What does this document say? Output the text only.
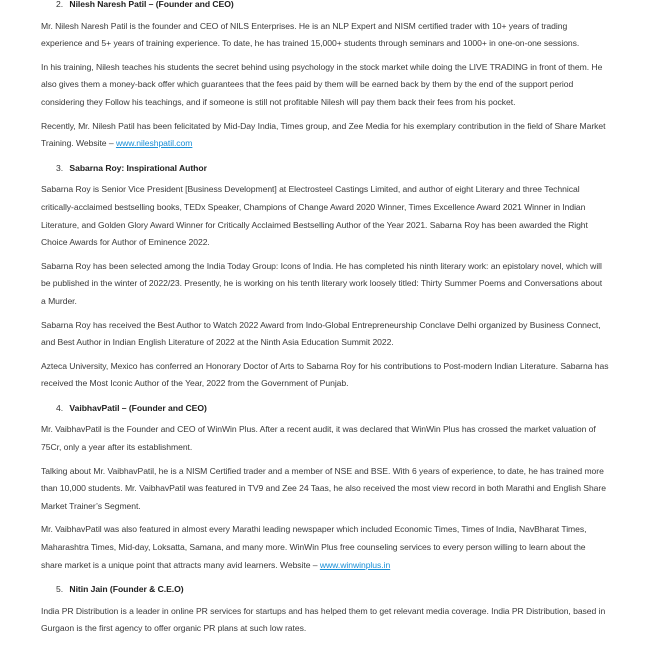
2. Nilesh Naresh Patil – (Founder and CEO)

Mr. Nilesh Naresh Patil is the founder and CEO of NILS Enterprises. He is an NLP Expert and NISM certified trader with 10+ years of trading experience and 5+ years of training experience. To date, he has trained 15,000+ students through seminars and 1000+ in one-on-one sessions.

In his training, Nilesh teaches his students the secret behind using psychology in the stock market while doing the LIVE TRADING in front of them. He also gives them a money-back offer which guarantees that the fees paid by them will be earned back by them by the end of the support period considering they Follow his teachings, and if someone is still not profitable Nilesh will pay them back their fees from his pocket.

Recently, Mr. Nilesh Patil has been felicitated by Mid-Day India, Times group, and Zee Media for his exemplary contribution in the field of Share Market Training. Website – www.nileshpatil.com

3. Sabarna Roy: Inspirational Author

Sabarna Roy is Senior Vice President [Business Development] at Electrosteel Castings Limited, and author of eight Literary and three Technical critically-acclaimed bestselling books, TEDx Speaker, Champions of Change Award 2020 Winner, Times Excellence Award 2021 Winner in Indian Literature, and Golden Glory Award Winner for Critically Acclaimed Bestselling Author of the Year 2021. Sabarna Roy has been awarded the Right Choice Awards for Author of Eminence 2022.

Sabarna Roy has been selected among the India Today Group: Icons of India. He has completed his ninth literary work: an epistolary novel, which will be published in the winter of 2022/23. Presently, he is working on his tenth literary work loosely titled: Thirty Summer Poems and Conversations about a Murder.

Sabarna Roy has received the Best Author to Watch 2022 Award from Indo-Global Entrepreneurship Conclave Delhi organized by Business Connect, and Best Author in Indian English Literature of 2022 at the Ninth Asia Education Summit 2022.

Azteca University, Mexico has conferred an Honorary Doctor of Arts to Sabarna Roy for his contributions to Post-modern Indian Literature. Sabarna has received the Most Iconic Author of the Year, 2022 from the Government of Punjab.

4. VaibhavPatil – (Founder and CEO)

Mr. VaibhavPatil is the Founder and CEO of WinWin Plus. After a recent audit, it was declared that WinWin Plus has crossed the market valuation of 75Cr, only a year after its establishment.

Talking about Mr. VaibhavPatil, he is a NISM Certified trader and a member of NSE and BSE. With 6 years of experience, to date, he has trained more than 10,000 students. Mr. VaibhavPatil was featured in TV9 and Zee 24 Taas, he also received the most view record in both Marathi and English Share Market Trainer’s Segment.

Mr. VaibhavPatil was also featured in almost every Marathi leading newspaper which included Economic Times, Times of India, NavBharat Times, Maharashtra Times, Mid-day, Loksatta, Samana, and many more. WinWin Plus free counseling services to every person willing to learn about the share market is a unique point that attracts many avid learners. Website – www.winwinplus.in

5. Nitin Jain (Founder & C.E.O)

India PR Distribution is a leader in online PR services for startups and has helped them to get relevant media coverage. India PR Distribution, based in Gurgaon is the first agency to offer organic PR plans at such low rates.
